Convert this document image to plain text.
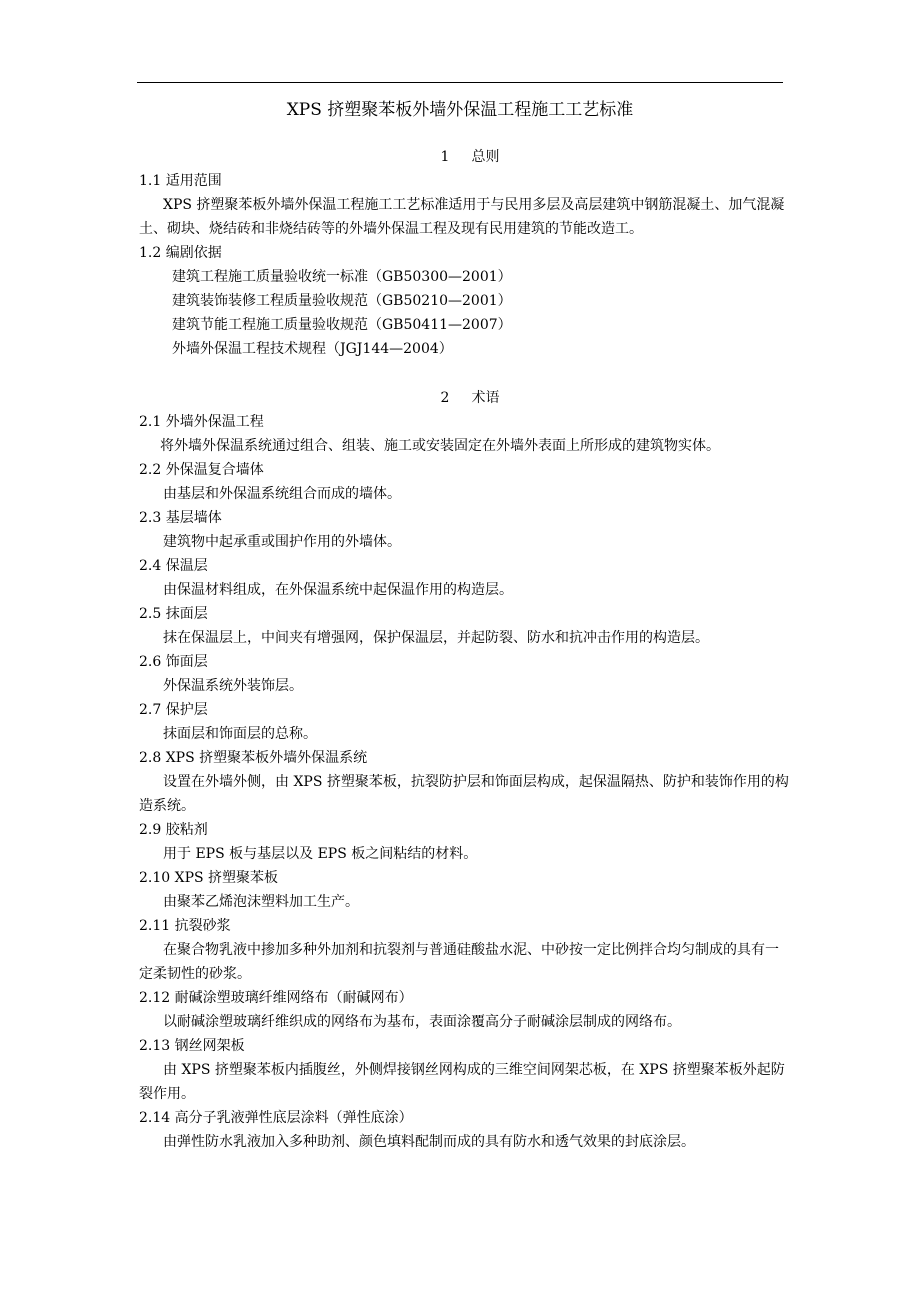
XPS 挤塑聚苯板外墙外保温工程施工工艺标准
1 总则
1.1 适用范围
XPS 挤塑聚苯板外墙外保温工程施工工艺标准适用于与民用多层及高层建筑中钢筋混凝土、加气混凝土、砌块、烧结砖和非烧结砖等的外墙外保温工程及现有民用建筑的节能改造工。
1.2 编剧依据
建筑工程施工质量验收统一标准（GB50300—2001）
建筑装饰装修工程质量验收规范（GB50210—2001）
建筑节能工程施工质量验收规范（GB50411—2007）
外墙外保温工程技术规程（JGJ144—2004）
2 术语
2.1 外墙外保温工程
将外墙外保温系统通过组合、组装、施工或安装固定在外墙外表面上所形成的建筑物实体。
2.2 外保温复合墙体
由基层和外保温系统组合而成的墙体。
2.3 基层墙体
建筑物中起承重或围护作用的外墙体。
2.4 保温层
由保温材料组成，在外保温系统中起保温作用的构造层。
2.5 抹面层
抹在保温层上，中间夹有增强网，保护保温层，并起防裂、防水和抗冲击作用的构造层。
2.6 饰面层
外保温系统外装饰层。
2.7 保护层
抹面层和饰面层的总称。
2.8 XPS 挤塑聚苯板外墙外保温系统
设置在外墙外侧，由 XPS 挤塑聚苯板，抗裂防护层和饰面层构成，起保温隔热、防护和装饰作用的构造系统。
2.9 胶粘剂
用于 EPS 板与基层以及 EPS 板之间粘结的材料。
2.10 XPS 挤塑聚苯板
由聚苯乙烯泡沫塑料加工生产。
2.11 抗裂砂浆
在聚合物乳液中掺加多种外加剂和抗裂剂与普通硅酸盐水泥、中砂按一定比例拌合均匀制成的具有一定柔韧性的砂浆。
2.12 耐碱涂塑玻璃纤维网络布（耐碱网布）
以耐碱涂塑玻璃纤维织成的网络布为基布，表面涂覆高分子耐碱涂层制成的网络布。
2.13 钢丝网架板
由 XPS 挤塑聚苯板内插腹丝，外侧焊接钢丝网构成的三维空间网架芯板，在 XPS 挤塑聚苯板外起防裂作用。
2.14 高分子乳液弹性底层涂料（弹性底涂）
由弹性防水乳液加入多种助剂、颜色填料配制而成的具有防水和透气效果的封底涂层。
